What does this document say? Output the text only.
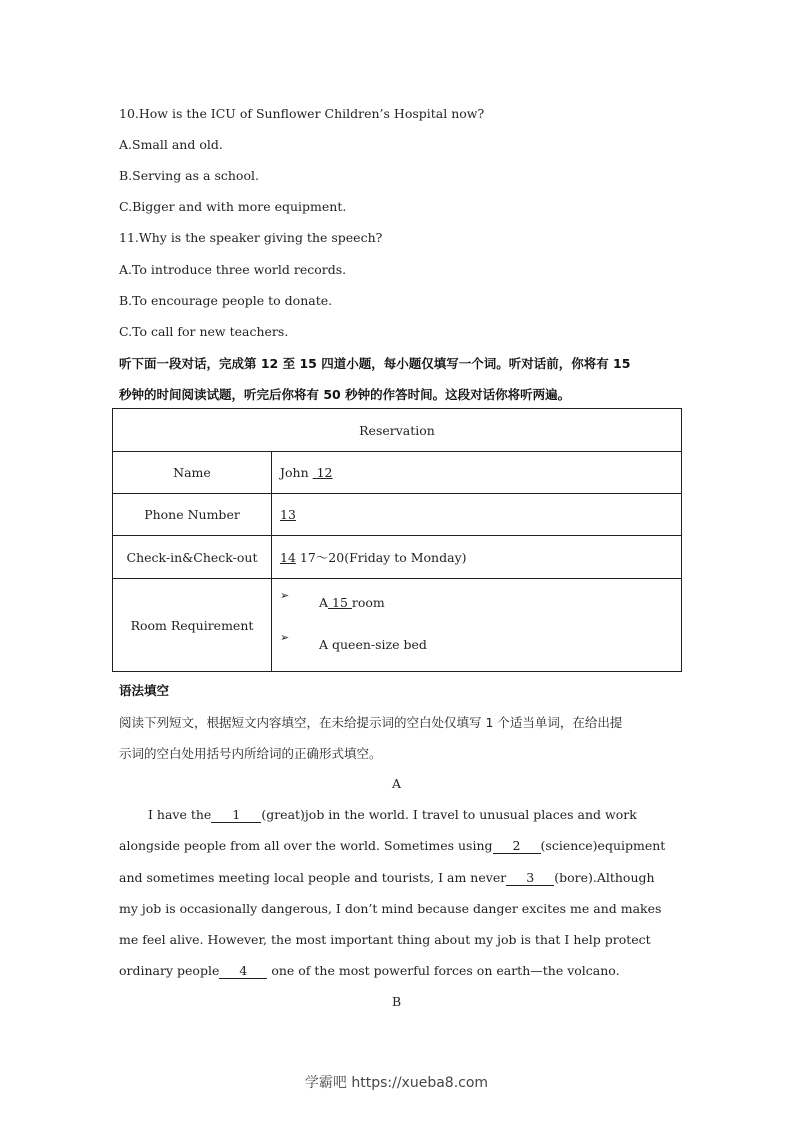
10.How is the ICU of Sunflower Children’s Hospital now?
A.Small and old.
B.Serving as a school.
C.Bigger and with more equipment.
11.Why is the speaker giving the speech?
A.To introduce three world records.
B.To encourage people to donate.
C.To call for new teachers.
听下面一段对话，完成第 12 至 15 四道小题，每小题仅填写一个词。听对话前，你将有 15
秒钟的时间阅读试题，听完后你将有 50 秒钟的作答时间。这段对话你将听两遍。
Reservation	
Name	John 12
Phone Number	13
Check-in&Check-out	14 17～20(Friday to Monday)
Room Requirement	➢ A 15 room
➢ A queen-size bed
语法填空
阅读下列短文，根据短文内容填空，在未给提示词的空白处仅填写 1 个适当单词，在给出提
示词的空白处用括号内所给词的正确形式填空。
A
I have the 1 (great)job in the world. I travel to unusual places and work
alongside people from all over the world. Sometimes using 2 (science)equipment
and sometimes meeting local people and tourists, I am never 3 (bore).Although
my job is occasionally dangerous, I don’t mind because danger excites me and makes
me feel alive. However, the most important thing about my job is that I help protect
ordinary people 4 one of the most powerful forces on earth—the volcano.
B
学霸吧 https://xueba8.com
